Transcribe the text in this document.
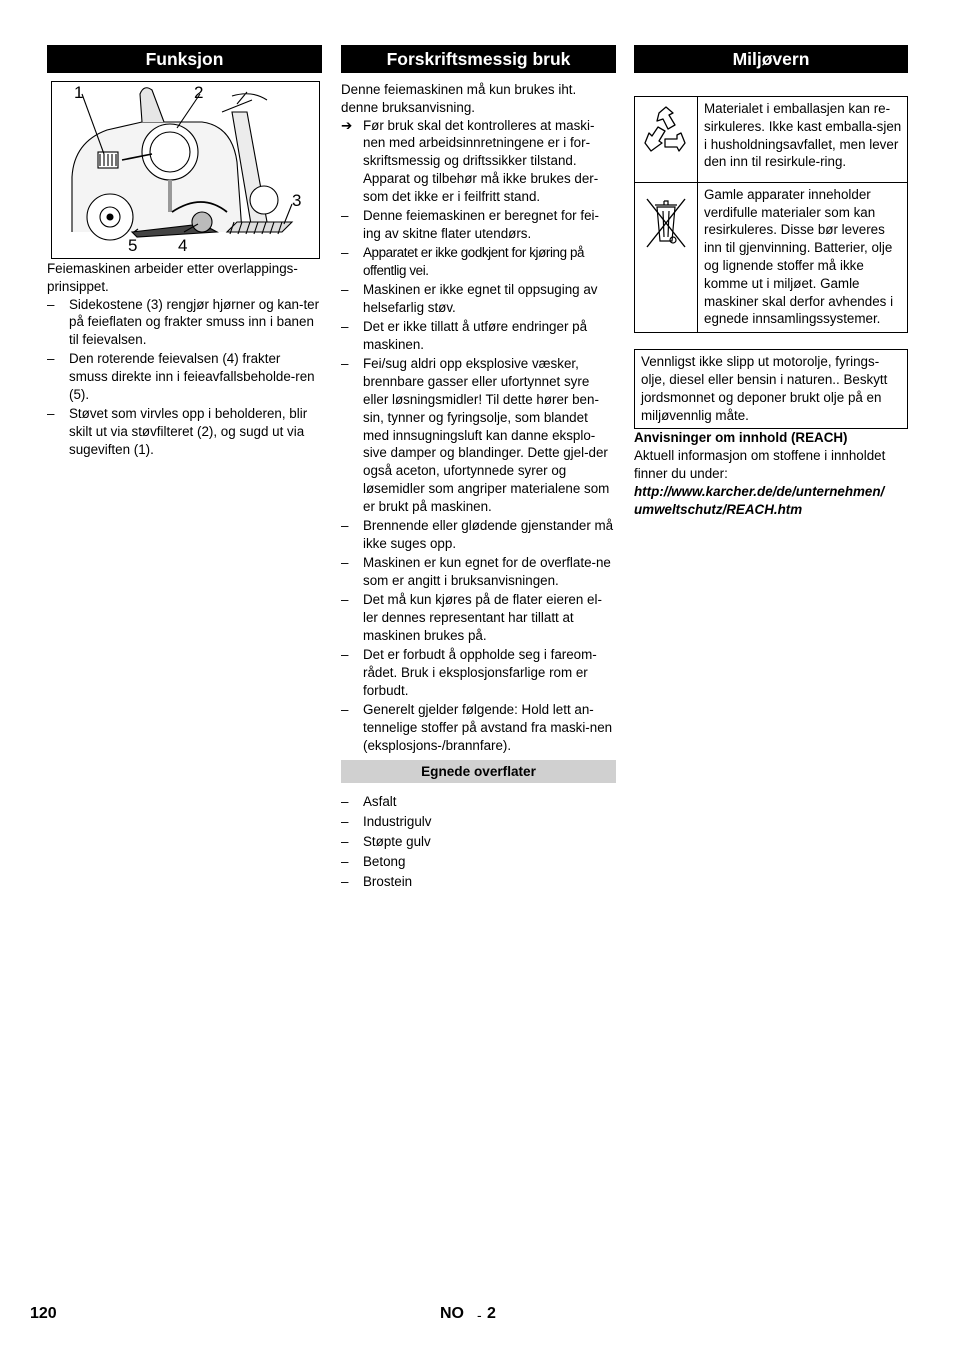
Funksjon
1	2
3
4
5

Feiemaskinen arbeider etter overlappings-prinsippet.

– Sidekostene (3) rengjør hjørner og kan-ter på feieflaten og frakter smuss inn i banen til feievalsen.
– Den roterende feievalsen (4) frakter smuss direkte inn i feieavfallsbeholde-ren (5).
– Støvet som virvles opp i beholderen, blir skilt ut via støvfilteret (2), og sugd ut via sugeviften (1).
Forskriftsmessig bruk

Denne feiemaskinen må kun brukes iht. denne bruksanvisning.

➔ Før bruk skal det kontrolleres at maski-nen med arbeidsinnretningene er i for-skriftsmessig og driftssikker tilstand. Apparat og tilbehør må ikke brukes der-som det ikke er i feilfritt stand.
– Denne feiemaskinen er beregnet for fei-ing av skitne flater utendørs.
– Apparatet er ikke godkjent for kjøring på offentlig vei.
– Maskinen er ikke egnet til oppsuging av helsefarlig støv.
– Det er ikke tillatt å utføre endringer på maskinen.
– Fei/sug aldri opp eksplosive væsker, brennbare gasser eller ufortynnet syre eller løsningsmidler! Til dette hører ben-sin, tynner og fyringsolje, som blandet med innsugningsluft kan danne eksplo-sive damper og blandinger. Dette gjel-der også aceton, ufortynnede syrer og løsemidler som angriper materialene som er brukt på maskinen.
– Brennende eller glødende gjenstander må ikke suges opp.
– Maskinen er kun egnet for de overflate-ne som er angitt i bruksanvisningen.
– Det må kun kjøres på de flater eieren el-ler dennes representant har tillatt at maskinen brukes på.
– Det er forbudt å oppholde seg i fareom-rådet. Bruk i eksplosjonsfarlige rom er forbudt.
– Generelt gjelder følgende: Hold lett an-tennelige stoffer på avstand fra maski-nen (eksplosjons-/brannfare).
Egnede overflater
– Asfalt
– Industrigulv
– Støpte gulv
– Betong
– Brostein
Miljøvern
	Materialet i emballasjen kan re-sirkuleres. Ikke kast emballa-sjen i husholdningsavfallet, men lever den inn til resirkule-ring.
	Gamle apparater inneholder verdifulle materialer som kan resirkuleres. Disse bør leveres inn til gjenvinning. Batterier, olje og lignende stoffer må ikke komme ut i miljøet. Gamle maskiner skal derfor avhendes i egnede innsamlingssystemer.
Vennligst ikke slipp ut motorolje, fyrings-olje, diesel eller bensin i naturen.. Beskytt jordsmonnet og deponer brukt olje på en miljøvennlig måte.

Anvisninger om innhold (REACH)

Aktuell informasjon om stoffene i innholdet finner du under:

http://www.karcher.de/de/unternehmen/

umweltschutz/REACH.htm

120	NO - 2
